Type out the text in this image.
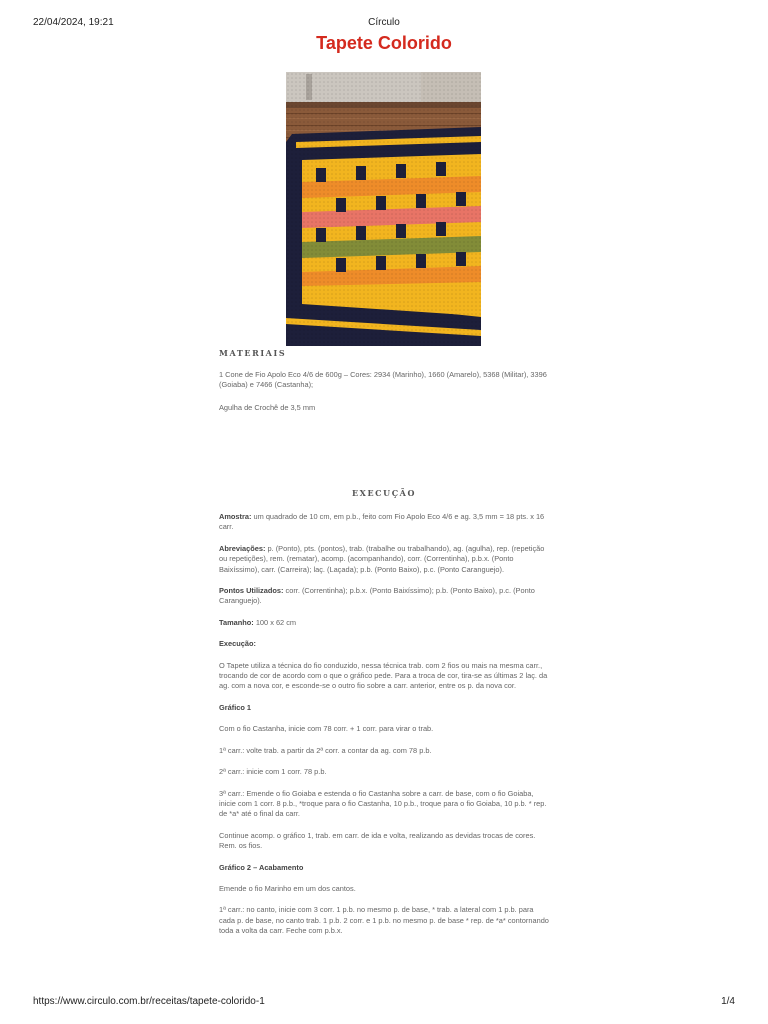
22/04/2024, 19:21	Círculo
Tapete Colorido
MATERIAIS

1 Cone de Fio Apolo Eco 4/6 de 600g – Cores: 2934 (Marinho), 1660 (Amarelo), 5368 (Militar), 3396 (Goiaba) e 7466 (Castanha);

Agulha de Crochê de 3,5 mm

EXECUÇÃO

Amostra: um quadrado de 10 cm, em p.b., feito com Fio Apolo Eco 4/6 e ag. 3,5 mm = 18 pts. x 16 carr.

Abreviações: p. (Ponto), pts. (pontos), trab. (trabalhe ou trabalhando), ag. (agulha), rep. (repetição ou repetições), rem. (rematar), acomp. (acompanhando), corr. (Correntinha), p.b.x. (Ponto Baixíssimo), carr. (Carreira); laç. (Laçada); p.b. (Ponto Baixo), p.c. (Ponto Caranguejo).

Pontos Utilizados: corr. (Correntinha); p.b.x. (Ponto Baixíssimo); p.b. (Ponto Baixo), p.c. (Ponto Caranguejo).

Tamanho: 100 x 62 cm

Execução:

O Tapete utiliza a técnica do fio conduzido, nessa técnica trab. com 2 fios ou mais na mesma carr., trocando de cor de acordo com o que o gráfico pede. Para a troca de cor, tira-se as últimas 2 laç. da ag. com a nova cor, e esconde-se o outro fio sobre a carr. anterior, entre os p. da nova cor.

Gráfico 1

Com o fio Castanha, inicie com 78 corr. + 1 corr. para virar o trab.

1ª carr.: volte trab. a partir da 2ª corr. a contar da ag. com 78 p.b.

2ª carr.: inicie com 1 corr. 78 p.b.

3ª carr.: Emende o fio Goiaba e estenda o fio Castanha sobre a carr. de base, com o fio Goiaba, inicie com 1 corr. 8 p.b., *troque para o fio Castanha, 10 p.b., troque para o fio Goiaba, 10 p.b. * rep. de *a* até o final da carr.

Continue acomp. o gráfico 1, trab. em carr. de ida e volta, realizando as devidas trocas de cores. Rem. os fios.

Gráfico 2 – Acabamento

Emende o fio Marinho em um dos cantos.

1ª carr.: no canto, inicie com 3 corr. 1 p.b. no mesmo p. de base, * trab. a lateral com 1 p.b. para cada p. de base, no canto trab. 1 p.b. 2 corr. e 1 p.b. no mesmo p. de base * rep. de *a* contornando toda a volta da carr. Feche com p.b.x.

https://www.circulo.com.br/receitas/tapete-colorido-1	1/4
